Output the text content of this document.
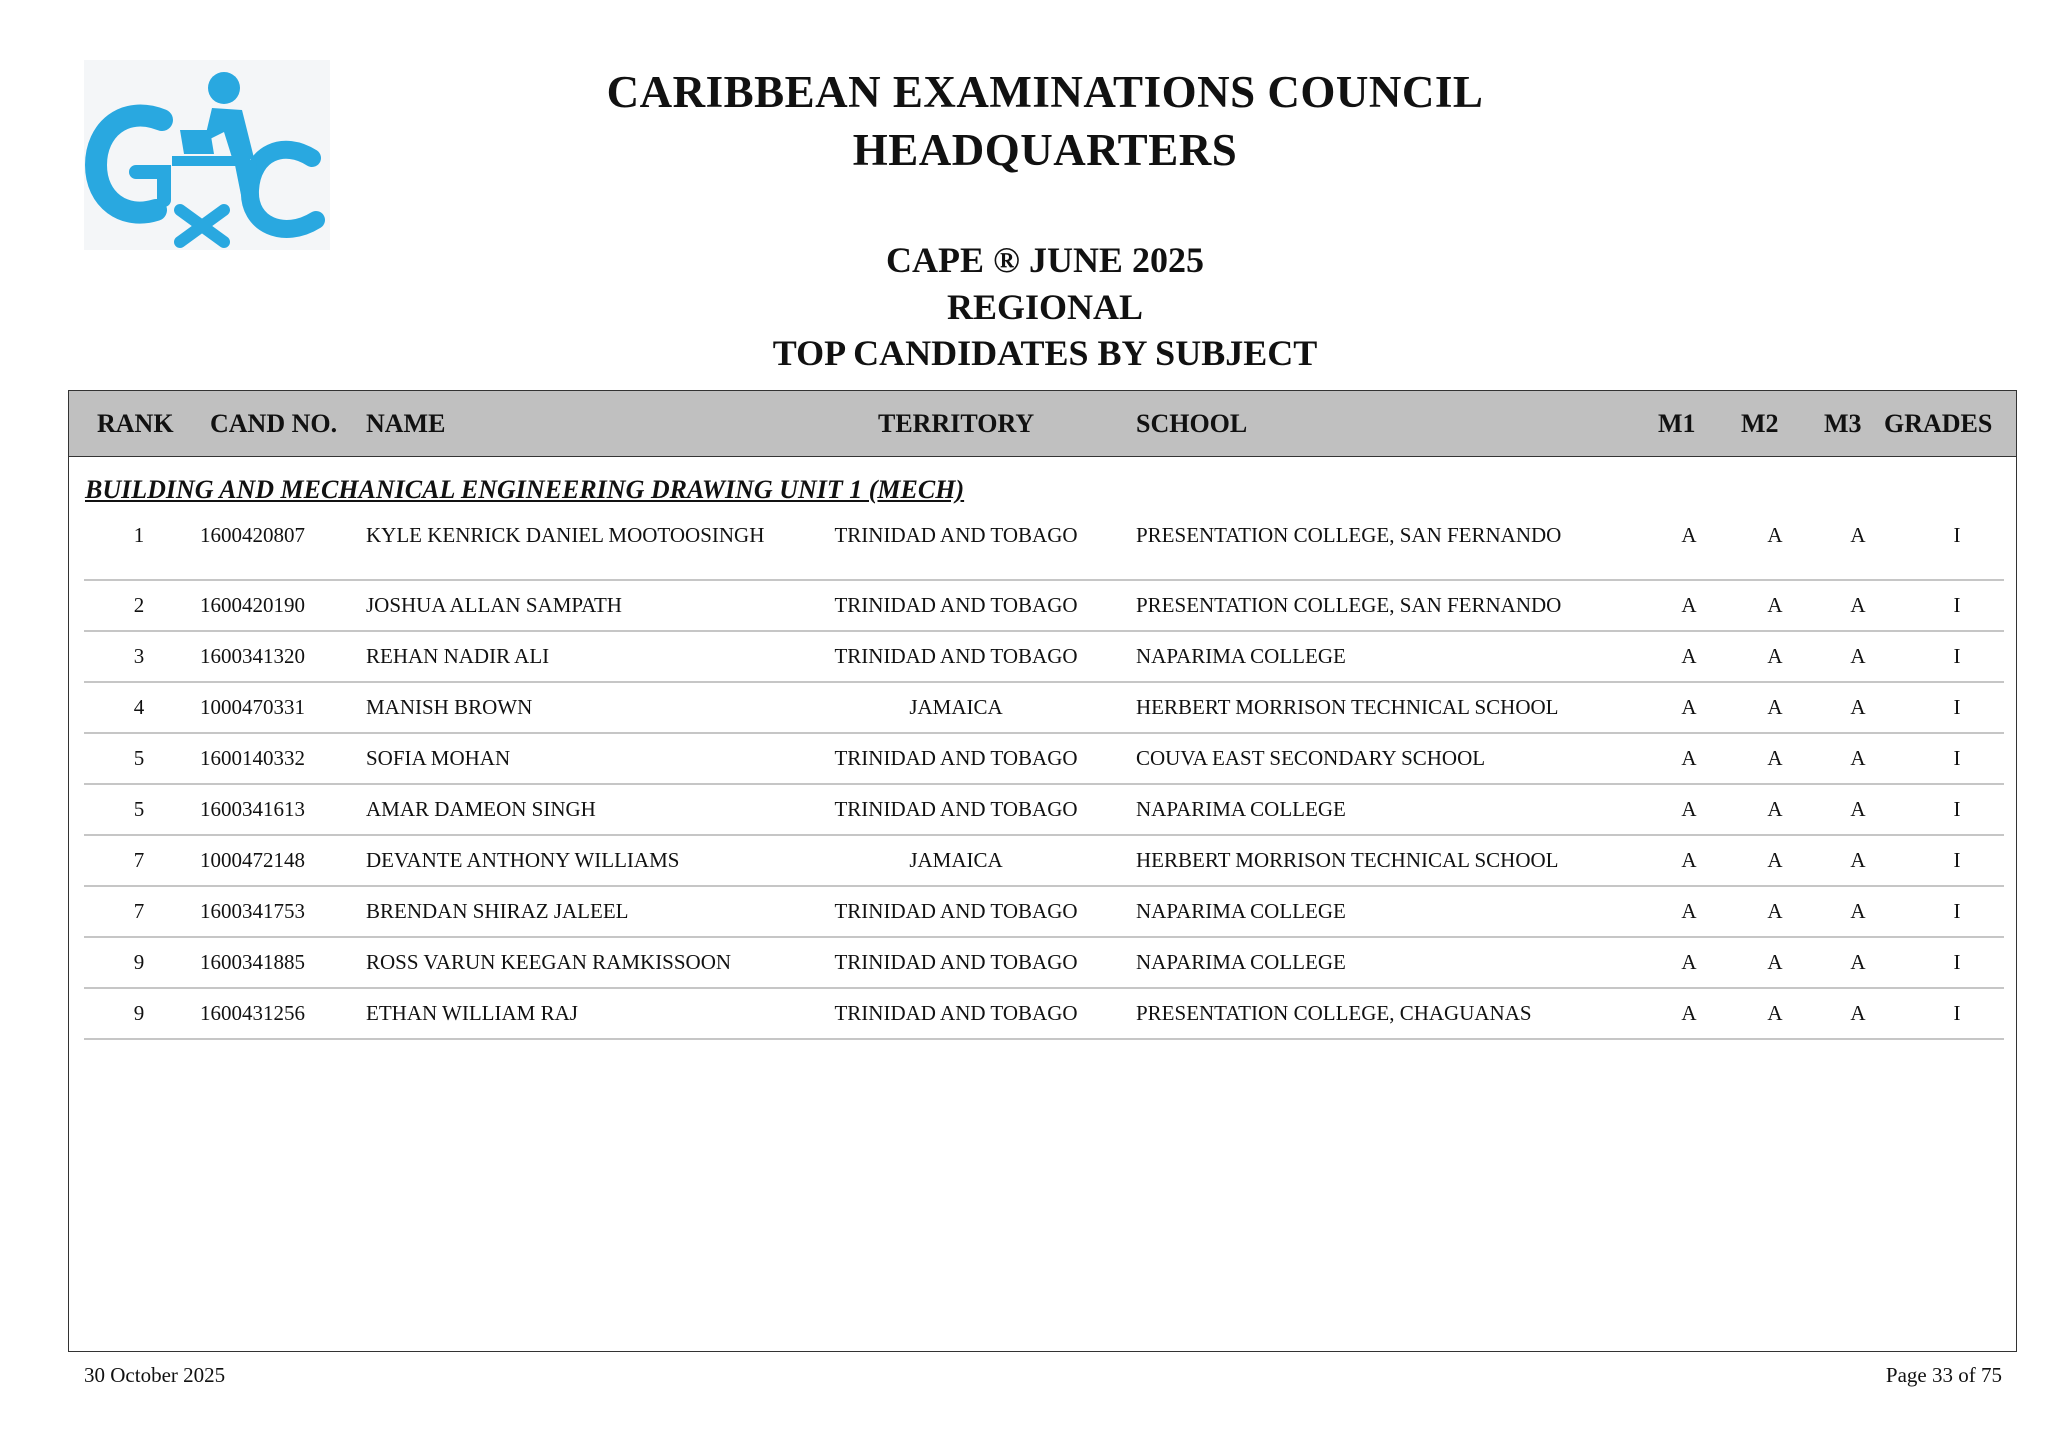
CARIBBEAN EXAMINATIONS COUNCIL
HEADQUARTERS
CAPE ® JUNE 2025
REGIONAL
TOP CANDIDATES BY SUBJECT
RANK CAND NO. NAME	TERRITORY	SCHOOL	M1 M2 M3 GRADES
BUILDING AND MECHANICAL ENGINEERING DRAWING UNIT 1 (MECH)
1	1600420807	KYLE KENRICK DANIEL MOOTOOSINGH	TRINIDAD AND TOBAGO	PRESENTATION COLLEGE, SAN FERNANDO	A	A	A	I
2	1600420190	JOSHUA ALLAN SAMPATH	TRINIDAD AND TOBAGO	PRESENTATION COLLEGE, SAN FERNANDO	A	A	A	I
3	1600341320	REHAN NADIR ALI	TRINIDAD AND TOBAGO	NAPARIMA COLLEGE	A	A	A	I
4	1000470331	MANISH BROWN	JAMAICA	HERBERT MORRISON TECHNICAL SCHOOL	A	A	A	I
5	1600140332	SOFIA MOHAN	TRINIDAD AND TOBAGO	COUVA EAST SECONDARY SCHOOL	A	A	A	I
5	1600341613	AMAR DAMEON SINGH	TRINIDAD AND TOBAGO	NAPARIMA COLLEGE	A	A	A	I
7	1000472148	DEVANTE ANTHONY WILLIAMS	JAMAICA	HERBERT MORRISON TECHNICAL SCHOOL	A	A	A	I
7	1600341753	BRENDAN SHIRAZ JALEEL	TRINIDAD AND TOBAGO	NAPARIMA COLLEGE	A	A	A	I
9	1600341885	ROSS VARUN KEEGAN RAMKISSOON	TRINIDAD AND TOBAGO	NAPARIMA COLLEGE	A	A	A	I
9	1600431256	ETHAN WILLIAM RAJ	TRINIDAD AND TOBAGO	PRESENTATION COLLEGE, CHAGUANAS	A	A	A	I
30 October 2025	Page 33 of 75
